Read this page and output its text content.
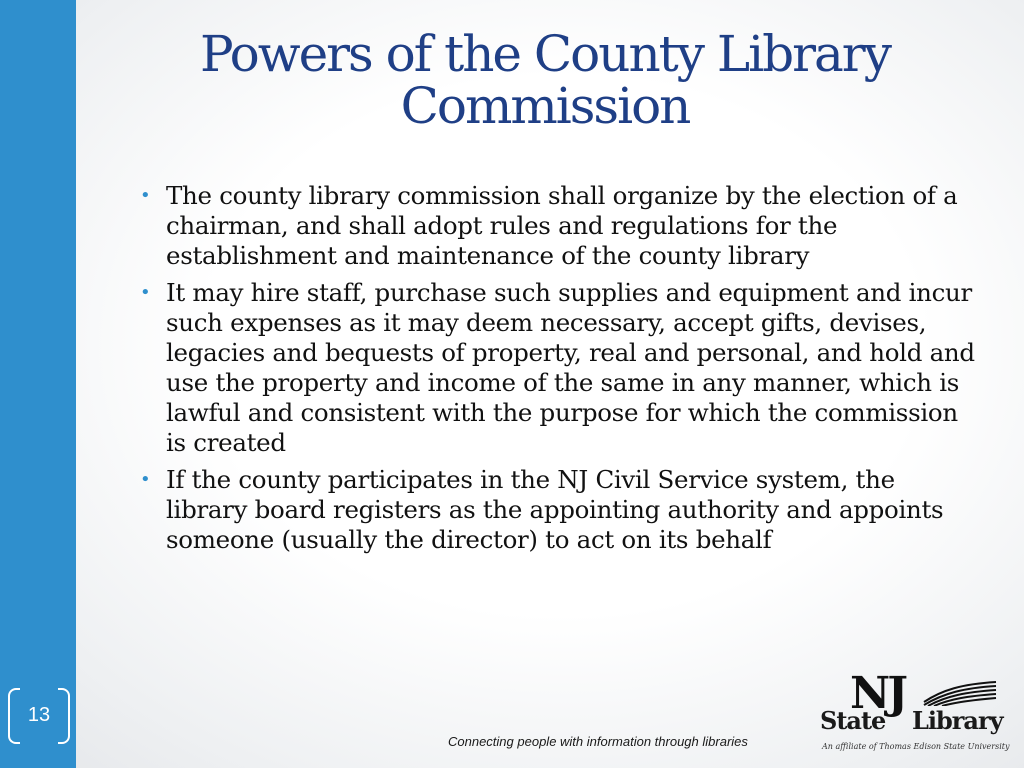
13
Powers of the County Library Commission
• The county library commission shall organize by the election of a chairman, and shall adopt rules and regulations for the establishment and maintenance of the county library
• It may hire staff, purchase such supplies and equipment and incur such expenses as it may deem necessary, accept gifts, devises, legacies and bequests of property, real and personal, and hold and use the property and income of the same in any manner, which is lawful and consistent with the purpose for which the commission is created
• If the county participates in the NJ Civil Service system, the library board registers as the appointing authority and appoints someone (usually the director) to act on its behalf
Connecting people with information through libraries
NJ
State Library
An affiliate of Thomas Edison State University
